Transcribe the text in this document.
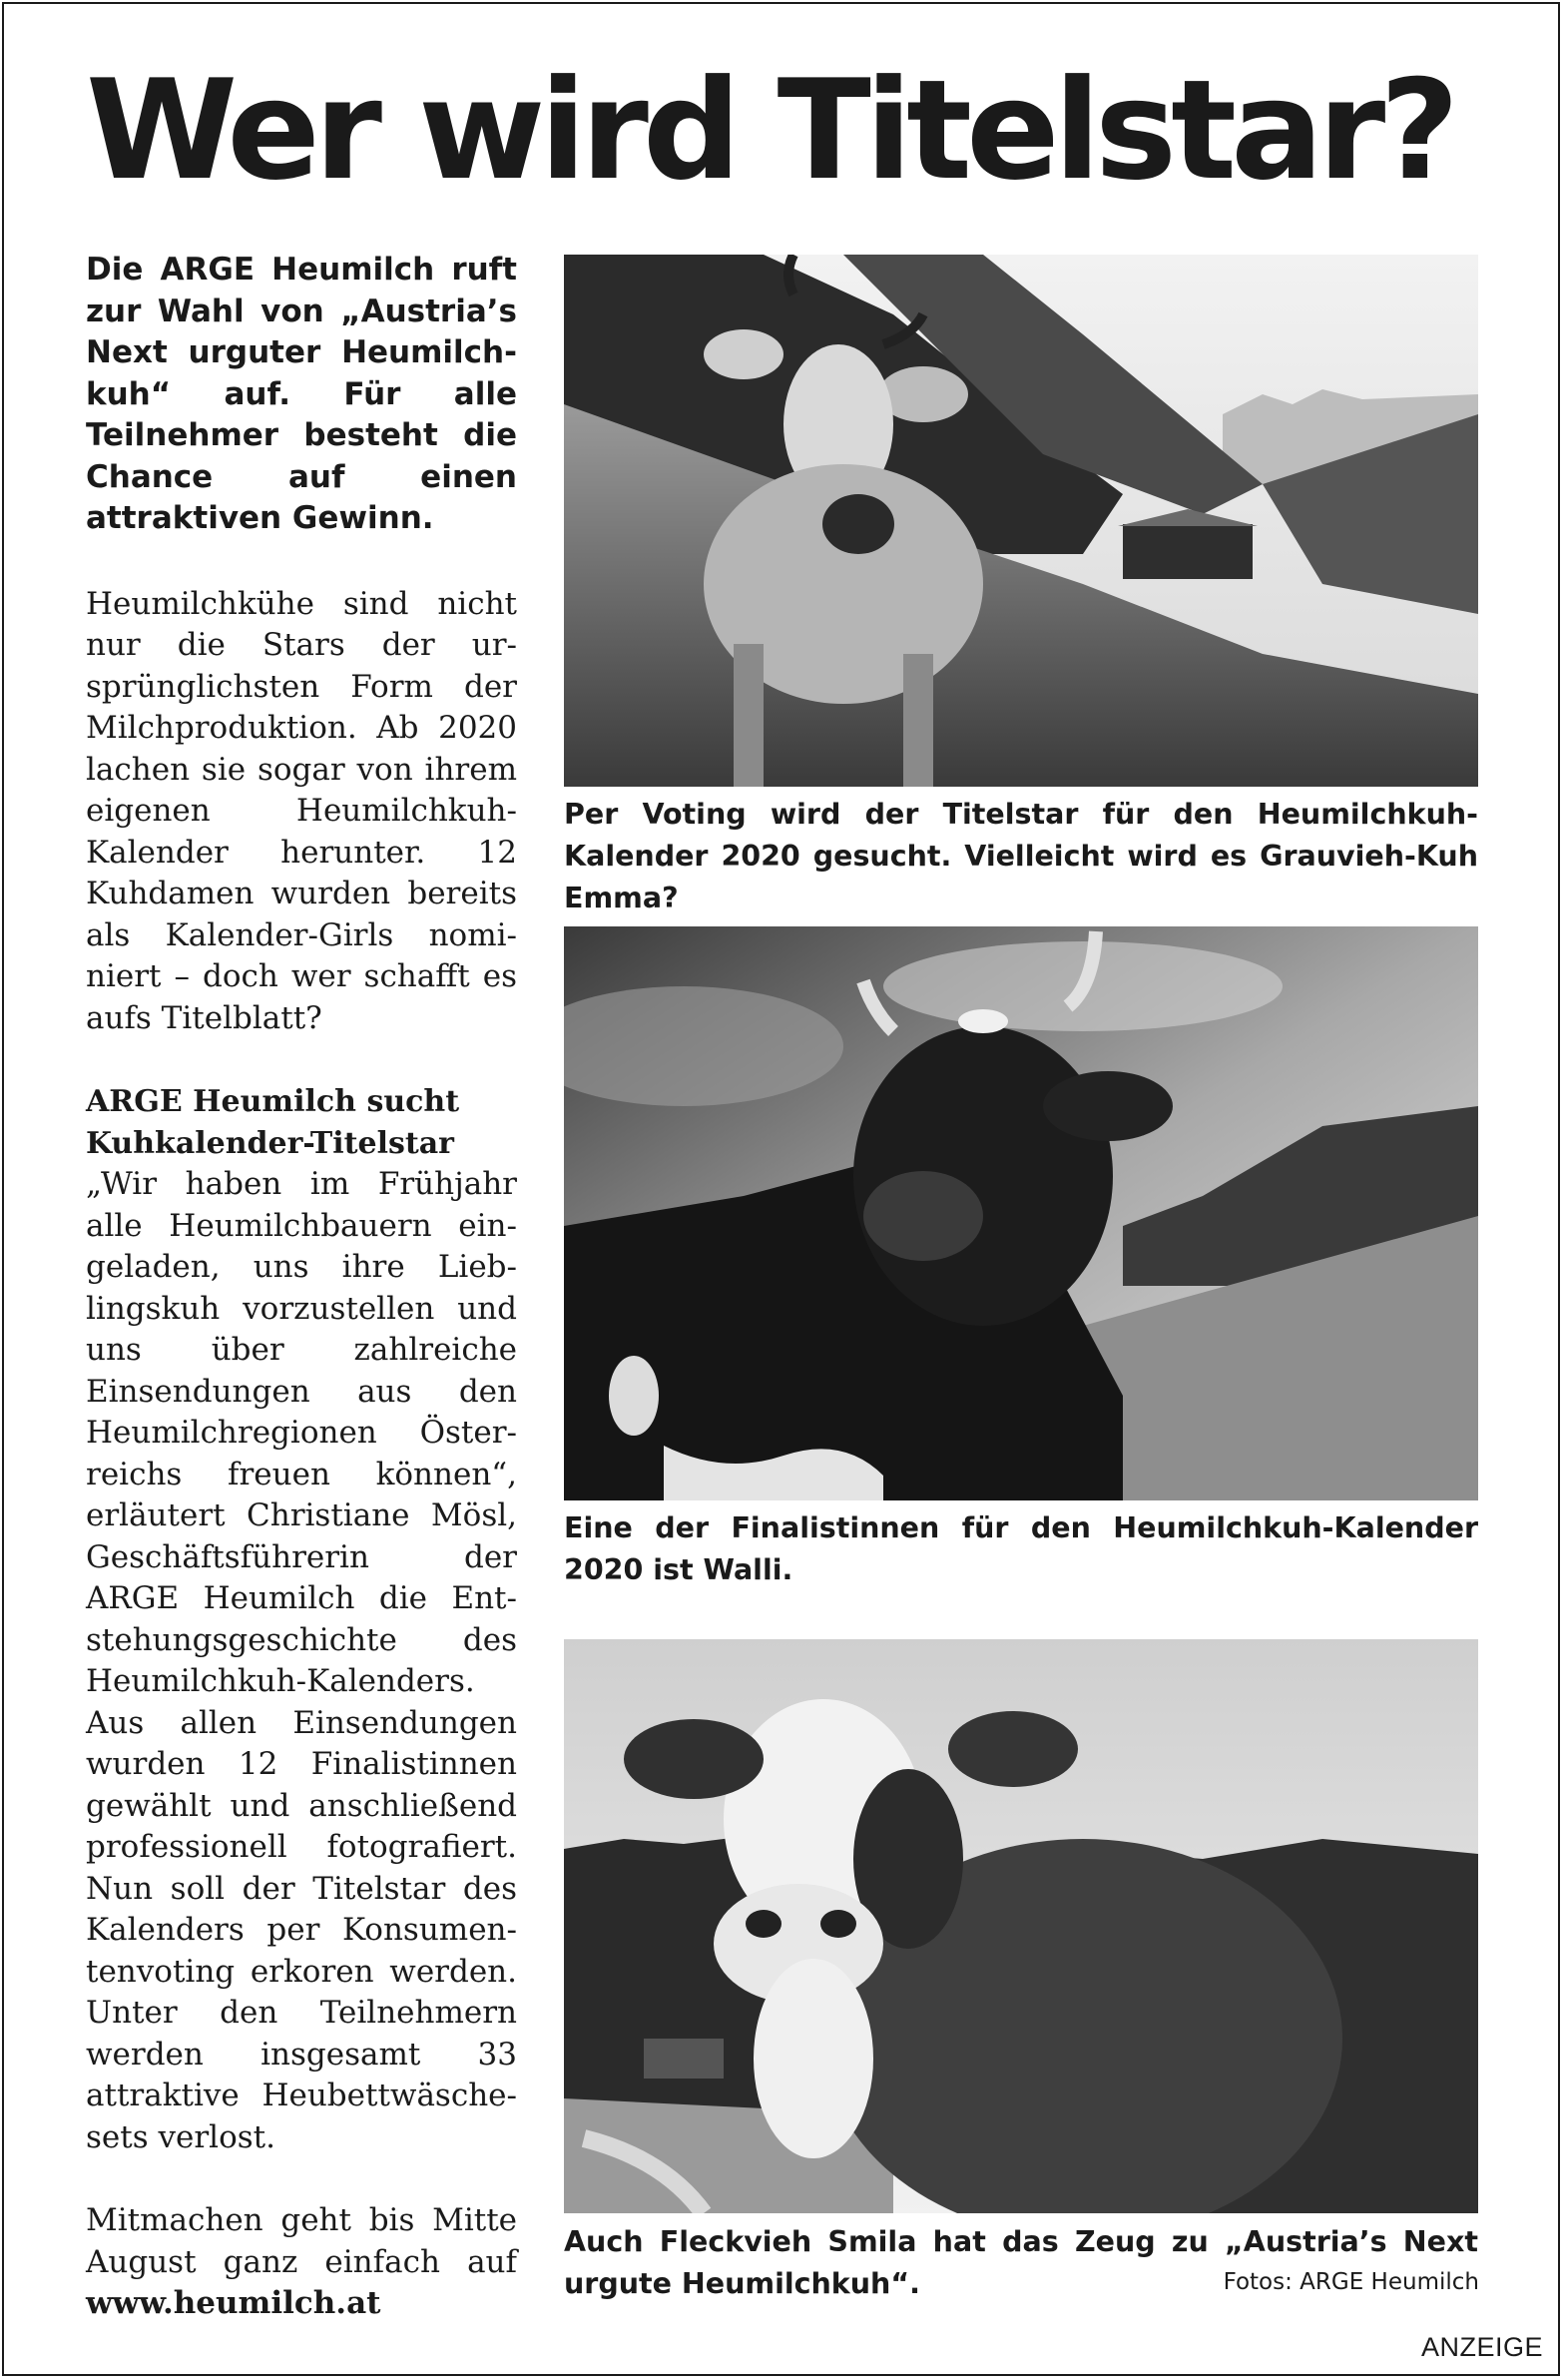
Wer wird Titelstar?

Die ARGE Heumilch ruft zur Wahl von „Austria’s Next urguter Heumilchkuh“ auf. Für alle Teilnehmer besteht die Chance auf einen attraktiven Gewinn.

Heumilchkühe sind nicht nur die Stars der ursprünglichsten Form der Milchproduktion. Ab 2020 lachen sie sogar von ihrem eigenen Heumilchkuh-Kalender herunter. 12 Kuhdamen wurden bereits als Kalender-Girls nominiert – doch wer schafft es aufs Titelblatt?

ARGE Heumilch sucht Kuhkalender-Titelstar

„Wir haben im Frühjahr alle Heumilchbauern eingeladen, uns ihre Lieblingskuh vorzustellen und uns über zahlreiche Einsendungen aus den Heumilchregionen Österreichs freuen können“, erläutert Christiane Mösl, Geschäftsführerin der ARGE Heumilch die Entstehungsgeschichte des Heumilchkuh-Kalenders. Aus allen Einsendungen wurden 12 Finalistinnen gewählt und anschließend professionell fotografiert. Nun soll der Titelstar des Kalenders per Konsumentenvoting erkoren werden. Unter den Teilnehmern werden insgesamt 33 attraktive Heubettwäschesets verlost.

Mitmachen geht bis Mitte August ganz einfach auf www.heumilch.at

Per Voting wird der Titelstar für den Heumilchkuh-Kalender 2020 gesucht. Vielleicht wird es Grauvieh-Kuh Emma?

Eine der Finalistinnen für den Heumilchkuh-Kalender 2020 ist Walli.

Auch Fleckvieh Smila hat das Zeug zu „Austria’s Next urgute Heumilchkuh“.	Fotos: ARGE Heumilch
ANZEIGE
